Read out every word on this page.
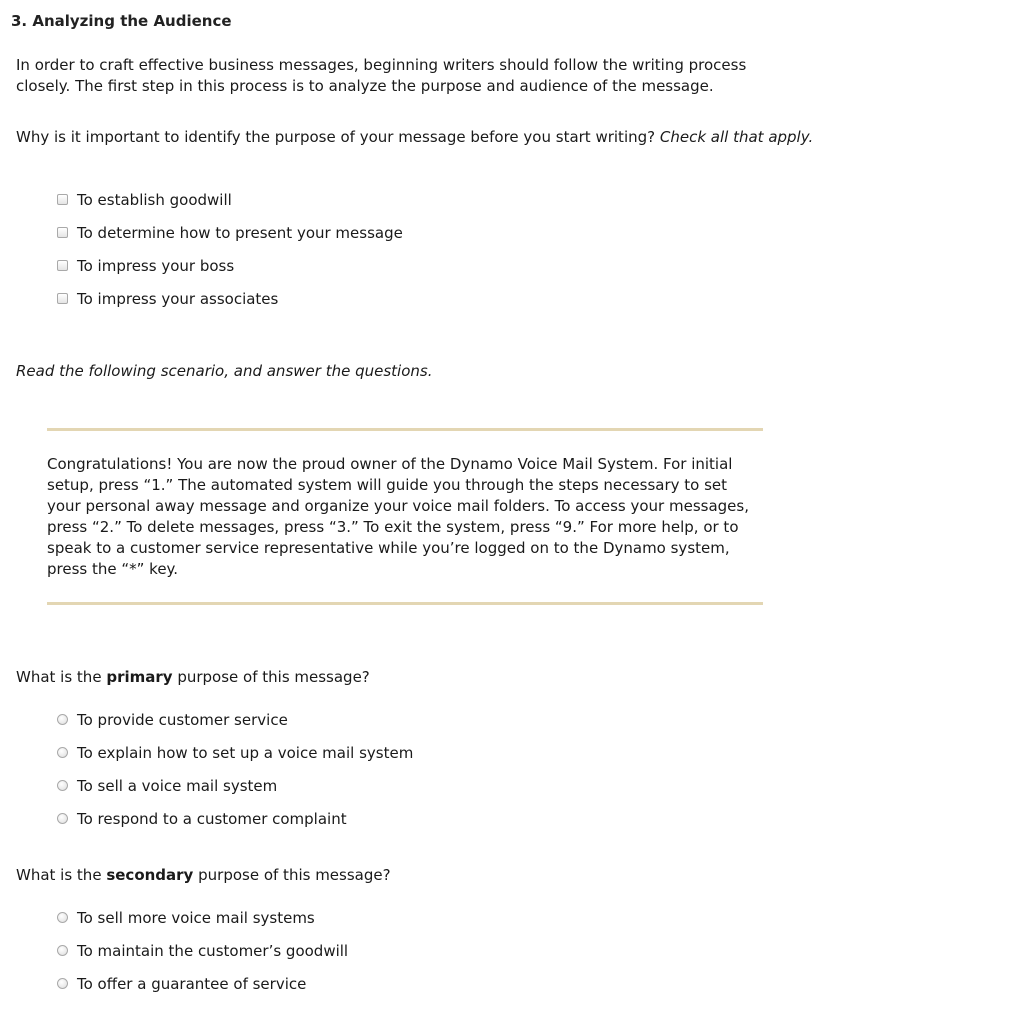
3. Analyzing the Audience

In order to craft effective business messages, beginning writers should follow the writing process closely. The first step in this process is to analyze the purpose and audience of the message.

Why is it important to identify the purpose of your message before you start writing? Check all that apply.

To establish goodwill
To determine how to present your message
To impress your boss
To impress your associates

Read the following scenario, and answer the questions.

Congratulations! You are now the proud owner of the Dynamo Voice Mail System. For initial setup, press “1.” The automated system will guide you through the steps necessary to set your personal away message and organize your voice mail folders. To access your messages, press “2.” To delete messages, press “3.” To exit the system, press “9.” For more help, or to speak to a customer service representative while you’re logged on to the Dynamo system, press the “*” key.

What is the primary purpose of this message?

To provide customer service
To explain how to set up a voice mail system
To sell a voice mail system
To respond to a customer complaint

What is the secondary purpose of this message?

To sell more voice mail systems
To maintain the customer’s goodwill
To offer a guarantee of service
